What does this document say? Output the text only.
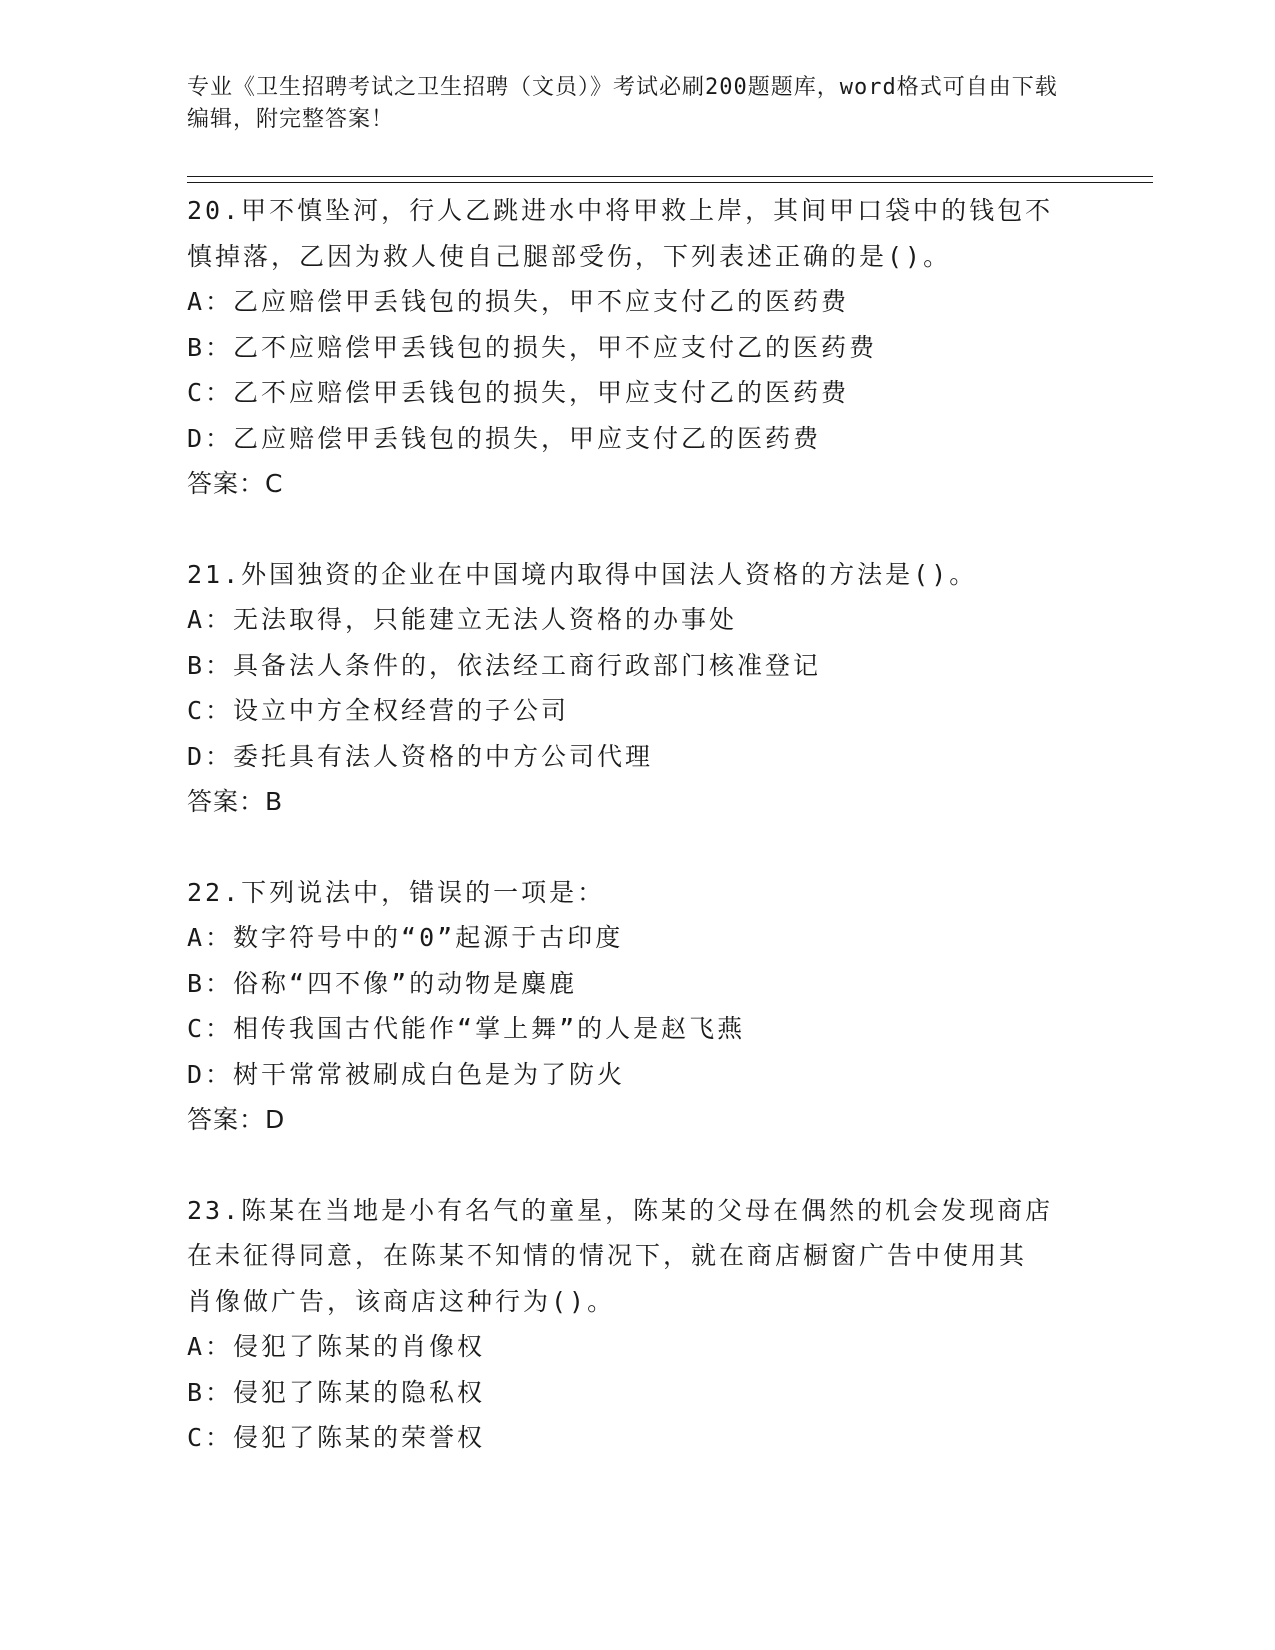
专业《卫生招聘考试之卫生招聘（文员）》考试必刷200题题库，word格式可自由下载编辑，附完整答案！
20.甲不慎坠河，行人乙跳进水中将甲救上岸，其间甲口袋中的钱包不
慎掉落，乙因为救人使自己腿部受伤，下列表述正确的是()。
A：乙应赔偿甲丢钱包的损失，甲不应支付乙的医药费
B：乙不应赔偿甲丢钱包的损失，甲不应支付乙的医药费
C：乙不应赔偿甲丢钱包的损失，甲应支付乙的医药费
D：乙应赔偿甲丢钱包的损失，甲应支付乙的医药费
答案：C
21.外国独资的企业在中国境内取得中国法人资格的方法是()。
A：无法取得，只能建立无法人资格的办事处
B：具备法人条件的，依法经工商行政部门核准登记
C：设立中方全权经营的子公司
D：委托具有法人资格的中方公司代理
答案：B
22.下列说法中，错误的一项是：
A：数字符号中的“0”起源于古印度
B：俗称“四不像”的动物是麋鹿
C：相传我国古代能作“掌上舞”的人是赵飞燕
D：树干常常被刷成白色是为了防火
答案：D
23.陈某在当地是小有名气的童星，陈某的父母在偶然的机会发现商店
在未征得同意，在陈某不知情的情况下，就在商店橱窗广告中使用其
肖像做广告，该商店这种行为()。
A：侵犯了陈某的肖像权
B：侵犯了陈某的隐私权
C：侵犯了陈某的荣誉权
